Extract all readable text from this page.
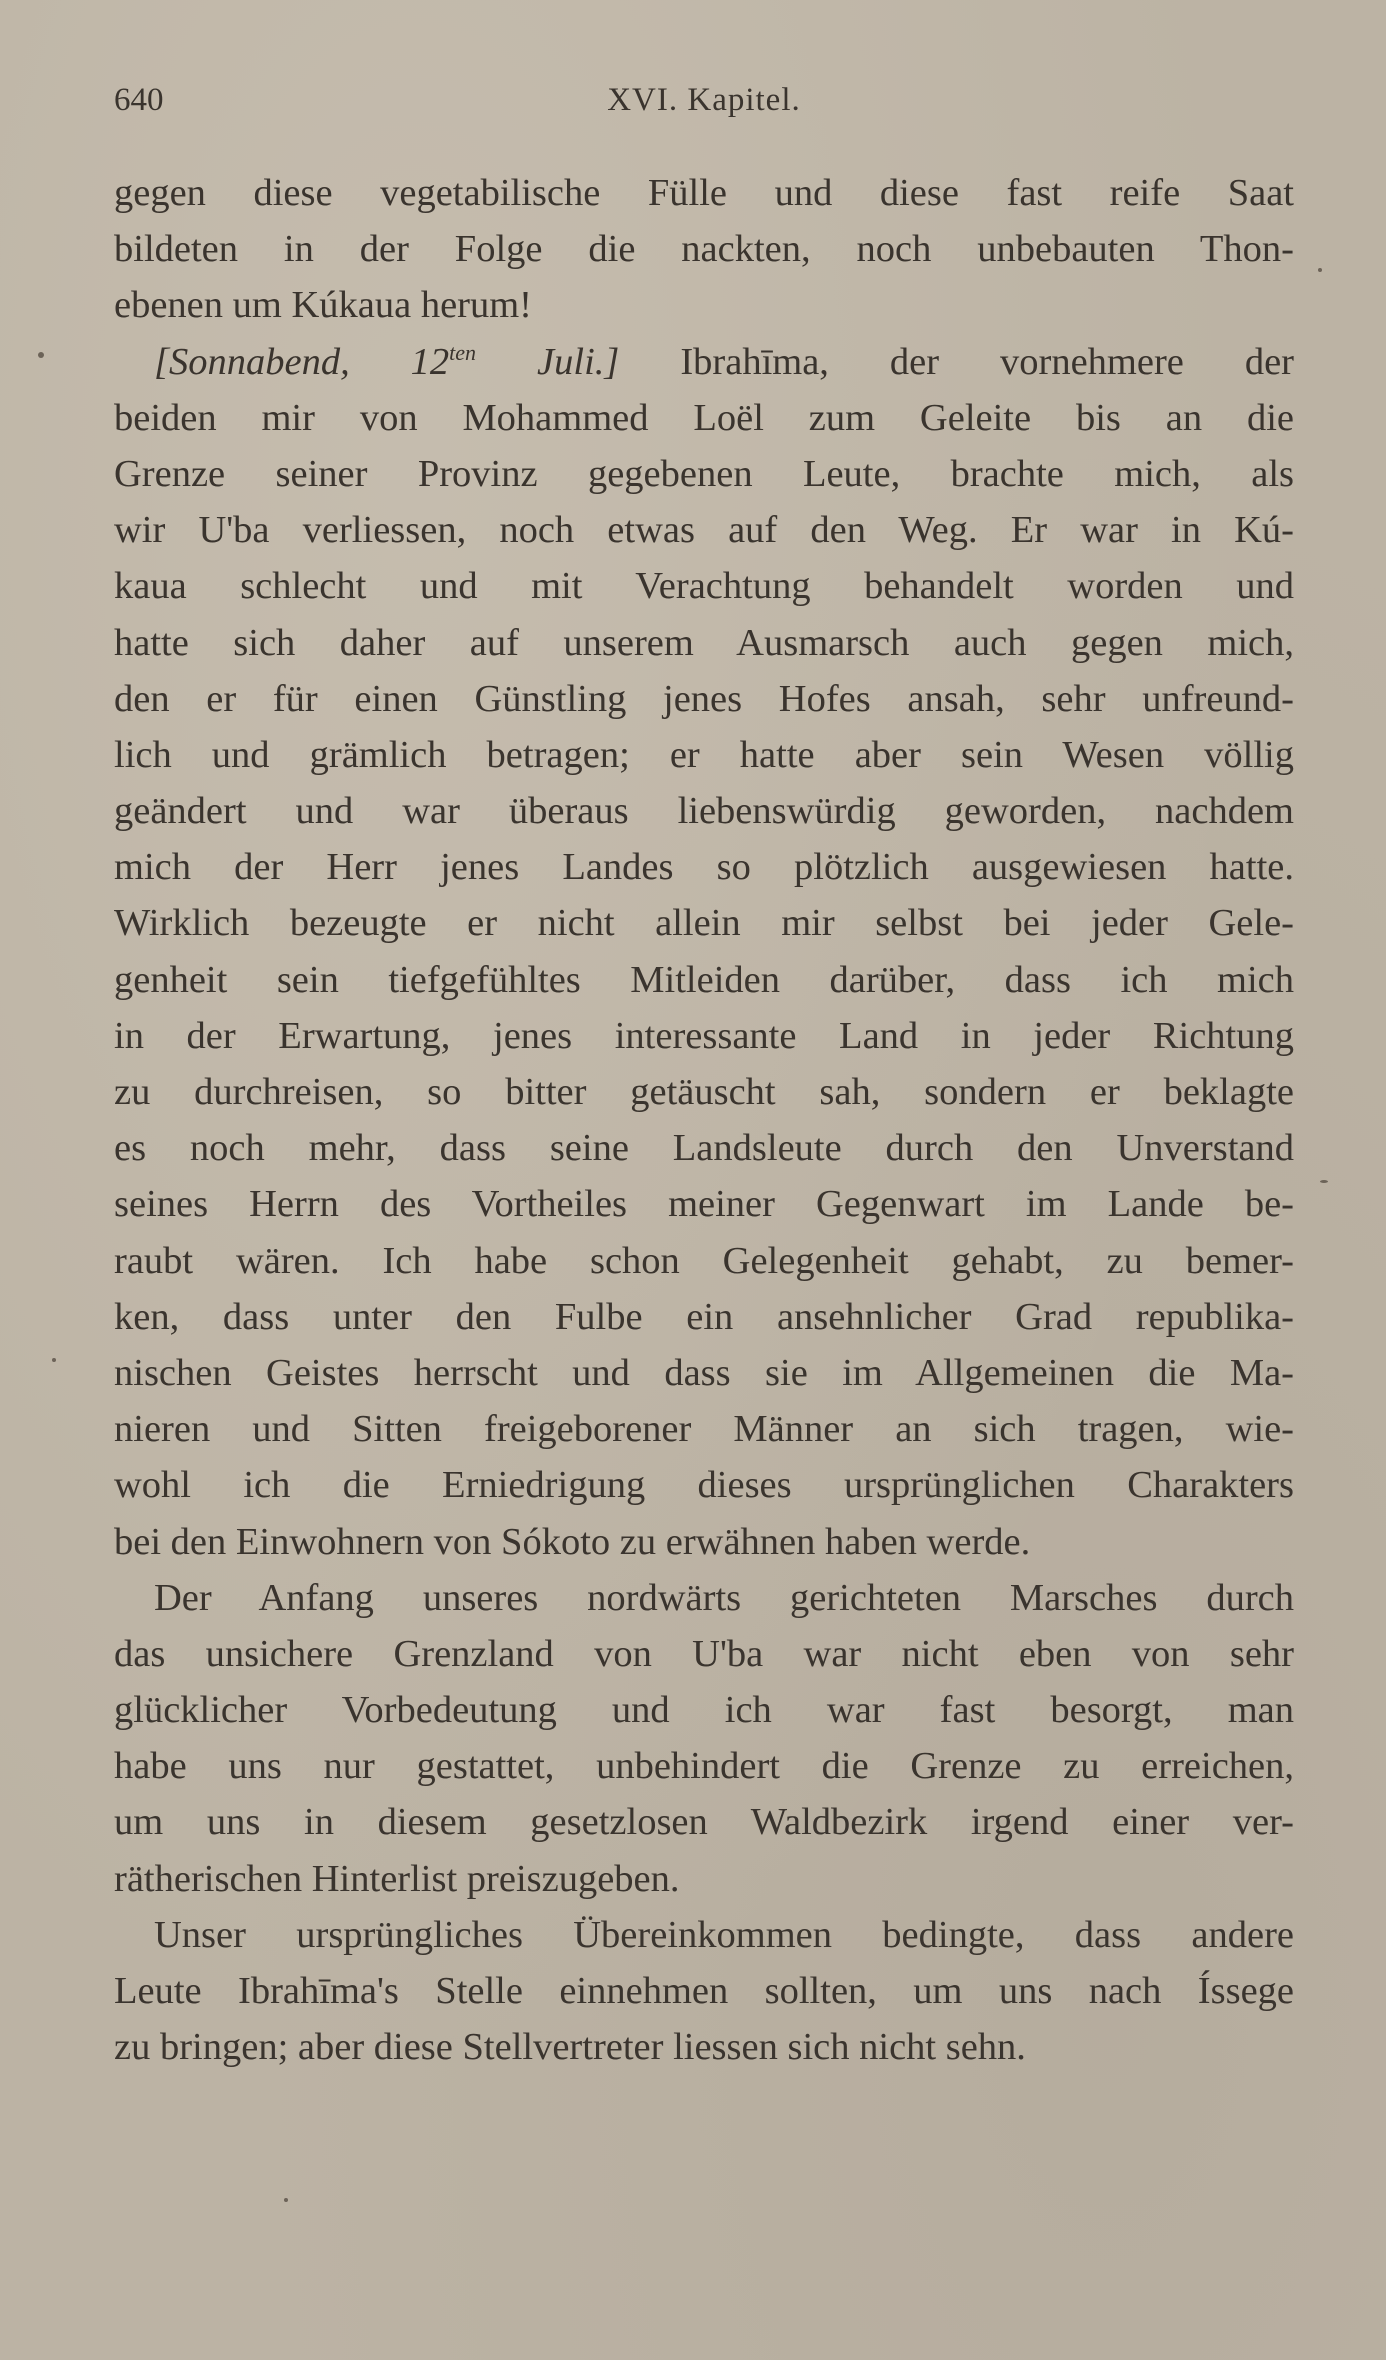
640	XVI. Kapitel.
gegen diese vegetabilische Fülle und diese fast reife Saat
bildeten in der Folge die nackten, noch unbebauten Thon-
ebenen um Kúkaua herum!
[Sonnabend, $12^{ten}$ Juli.] Ibrahīma, der vornehmere der
beiden mir von Mohammed Loël zum Geleite bis an die
Grenze seiner Provinz gegebenen Leute, brachte mich, als
wir U'ba verliessen, noch etwas auf den Weg. Er war in Kú-
kaua schlecht und mit Verachtung behandelt worden und
hatte sich daher auf unserem Ausmarsch auch gegen mich,
den er für einen Günstling jenes Hofes ansah, sehr unfreund-
lich und grämlich betragen; er hatte aber sein Wesen völlig
geändert und war überaus liebenswürdig geworden, nachdem
mich der Herr jenes Landes so plötzlich ausgewiesen hatte.
Wirklich bezeugte er nicht allein mir selbst bei jeder Gele-
genheit sein tiefgefühltes Mitleiden darüber, dass ich mich
in der Erwartung, jenes interessante Land in jeder Richtung
zu durchreisen, so bitter getäuscht sah, sondern er beklagte
es noch mehr, dass seine Landsleute durch den Unverstand
seines Herrn des Vortheiles meiner Gegenwart im Lande be-
raubt wären. Ich habe schon Gelegenheit gehabt, zu bemer-
ken, dass unter den Fulbe ein ansehnlicher Grad republika-
nischen Geistes herrscht und dass sie im Allgemeinen die Ma-
nieren und Sitten freigeborener Männer an sich tragen, wie-
wohl ich die Erniedrigung dieses ursprünglichen Charakters
bei den Einwohnern von Sókoto zu erwähnen haben werde.
Der Anfang unseres nordwärts gerichteten Marsches durch
das unsichere Grenzland von U'ba war nicht eben von sehr
glücklicher Vorbedeutung und ich war fast besorgt, man
habe uns nur gestattet, unbehindert die Grenze zu erreichen,
um uns in diesem gesetzlosen Waldbezirk irgend einer ver-
rätherischen Hinterlist preiszugeben.
Unser ursprüngliches Übereinkommen bedingte, dass andere
Leute Ibrahīma's Stelle einnehmen sollten, um uns nach Íssege
zu bringen; aber diese Stellvertreter liessen sich nicht sehn.
